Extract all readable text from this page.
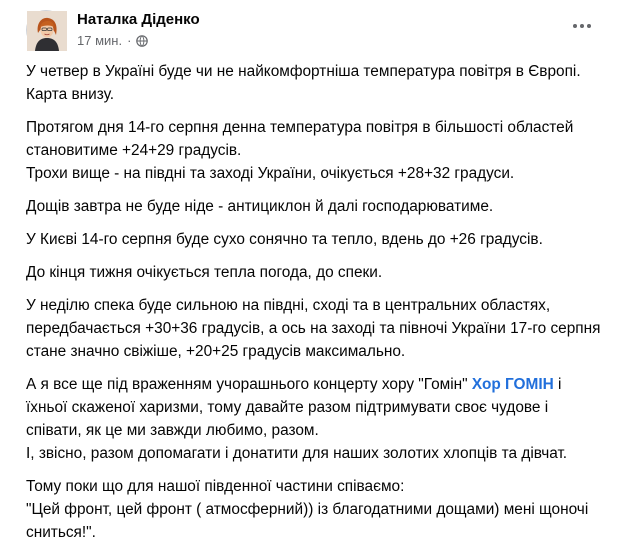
Наталка Діденко
17 мин. ·
У четвер в Україні буде чи не найкомфортніша температура повітря в Європі. Карта внизу.
Протягом дня 14-го серпня денна температура повітря в більшості областей становитиме +24+29 градусів.
Трохи вище - на півдні та заході України, очікується +28+32 градуси.
Дощів завтра не буде ніде - антициклон й далі господарюватиме.
У Києві 14-го серпня буде сухо сонячно та тепло, вдень до +26 градусів.
До кінця тижня очікується тепла погода, до спеки.
У неділю спека буде сильною на півдні, сході та в центральних областях, передбачається +30+36 градусів, а ось на заході та півночі України 17-го серпня стане значно свіжіше, +20+25 градусів максимально.
А я все ще під враженням учорашнього концерту хору "Гомін" Хор ГОМІН і їхньої скаженої харизми, тому давайте разом підтримувати своє чудове і співати, як це ми завжди любимо, разом.
І, звісно, разом допомагати і донатити для наших золотих хлопців та дівчат.
Тому поки що для нашої південної частини співаємо:
"Цей фронт, цей фронт ( атмосферний)) із благодатними дощами) мені щоночі сниться!".
